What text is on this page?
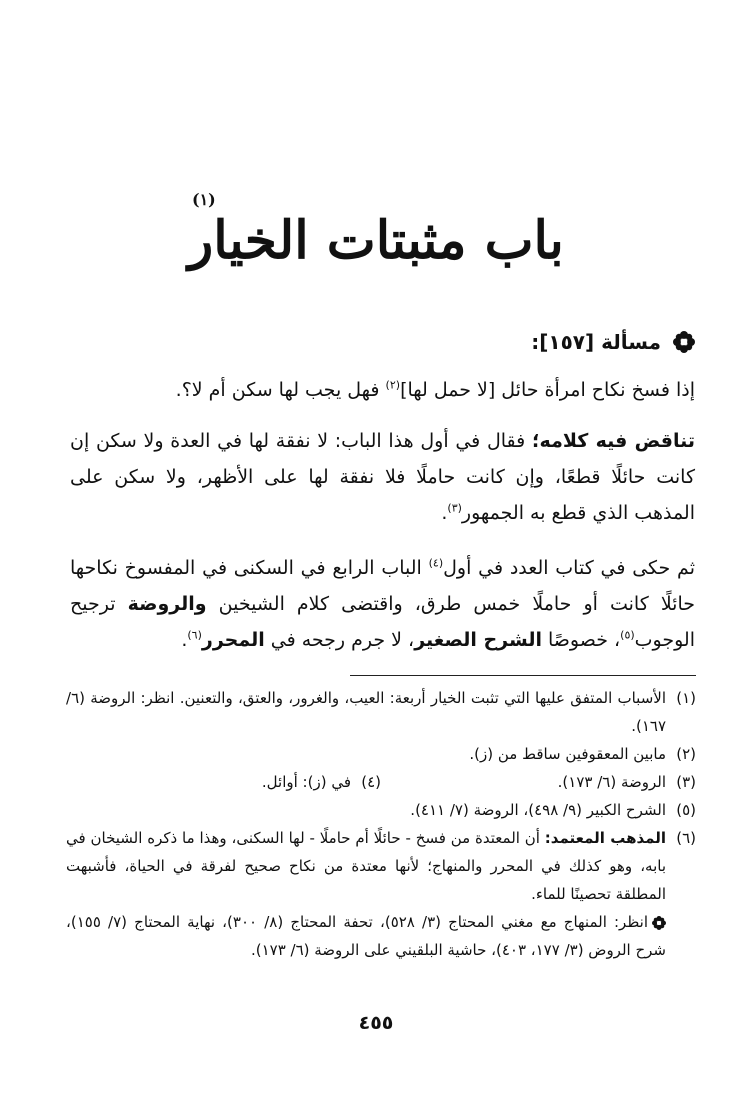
(١)
باب مثبتات الخيار
مسألة [١٥٧]:

إذا فسخ نكاح امرأة حائل [لا حمل لها]$^{(٢)}$ فهل يجب لها سكن أم لا؟.

تناقض فيه كلامه؛ فقال في أول هذا الباب: لا نفقة لها في العدة ولا سكن إن كانت حائلًا قطعًا، وإن كانت حاملًا فلا نفقة لها على الأظهر، ولا سكن على المذهب الذي قطع به الجمهور$^{(٣)}$.

ثم حكى في كتاب العدد في أول$^{(٤)}$ الباب الرابع في السكنى في المفسوخ نكاحها حائلًا كانت أو حاملًا خمس طرق، واقتضى كلام الشيخين والروضة ترجيح الوجوب$^{(٥)}$، خصوصًا الشرح الصغير، لا جرم رجحه في المحرر$^{(٦)}$.

(١)
الأسباب المتفق عليها التي تثبت الخيار أربعة: العيب، والغرور، والعتق، والتعنين. انظر: الروضة (٦/ ١٦٧).
(٢)
مابين المعقوفين ساقط من (ز).
(٣)
الروضة (٦/ ١٧٣).
(٤)
في (ز): أوائل.
(٥)
الشرح الكبير (٩/ ٤٩٨)، الروضة (٧/ ٤١١).
(٦)
المذهب المعتمد: أن المعتدة من فسخ - حائلًا أم حاملًا - لها السكنى، وهذا ما ذكره الشيخان في بابه، وهو كذلك في المحرر والمنهاج؛ لأنها معتدة من نكاح صحيح لفرقة في الحياة، فأشبهت المطلقة تحصينًا للماء.
انظر: المنهاج مع مغني المحتاج (٣/ ٥٢٨)، تحفة المحتاج (٨/ ٣٠٠)، نهاية المحتاج (٧/ ١٥٥)، شرح الروض (٣/ ١٧٧، ٤٠٣)، حاشية البلقيني على الروضة (٦/ ١٧٣).
٤٥٥
